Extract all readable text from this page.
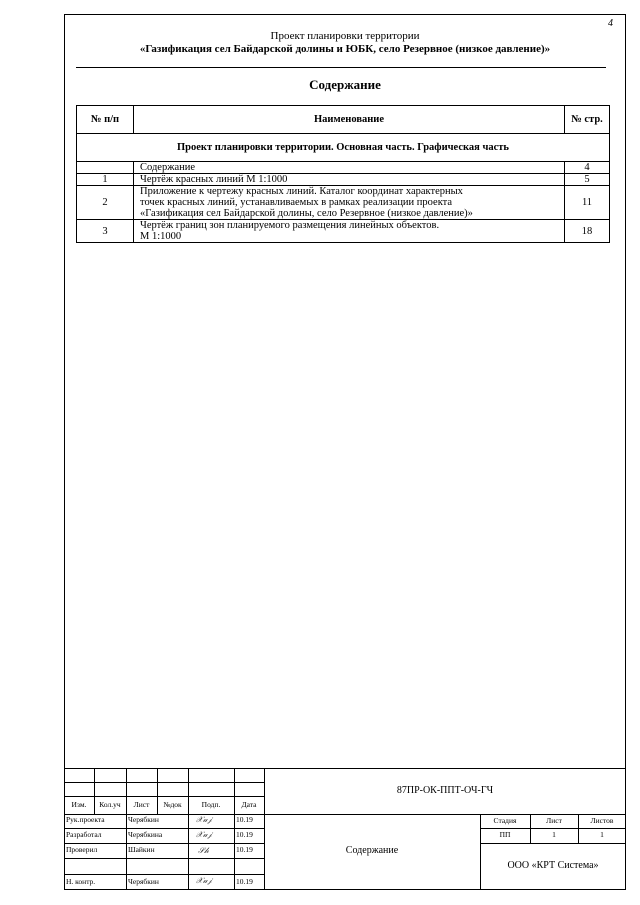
4
Проект планировки территории
«Газификация сел Байдарской долины и ЮБК, село Резервное (низкое давление)»
Содержание
№ п/п	Наименование	№ стр.
Проект планировки территории. Основная часть. Графическая часть		

	Содержание	4
1	Чертёж красных линий М 1:1000	5
2	Приложение к чертежу красных линий. Каталог координат характерных
точек красных линий, устанавливаемых в рамках реализации проекта
«Газификация сел Байдарской долины, село Резервное (низкое давление)»	11
3	Чертёж границ зон планируемого размещения линейных объектов.
М 1:1000	18
Изм.	Кол.уч	Лист	№док	Подп.	Дата
87ПР-ОК-ППТ-ОЧ-ГЧ
Рук.проекта	Черябкин	𝒳𝓊𝒿	10.19
Разработал	Черябкина	𝒳𝓊𝒿	10.19
Проверил	Шайкин	𝒮𝒽	10.19
Н. контр.	Черябкин	𝒳𝓊𝒿	10.19
Содержание
Стадия	Лист	Листов
ПП	1	1
ООО «КРТ Система»
